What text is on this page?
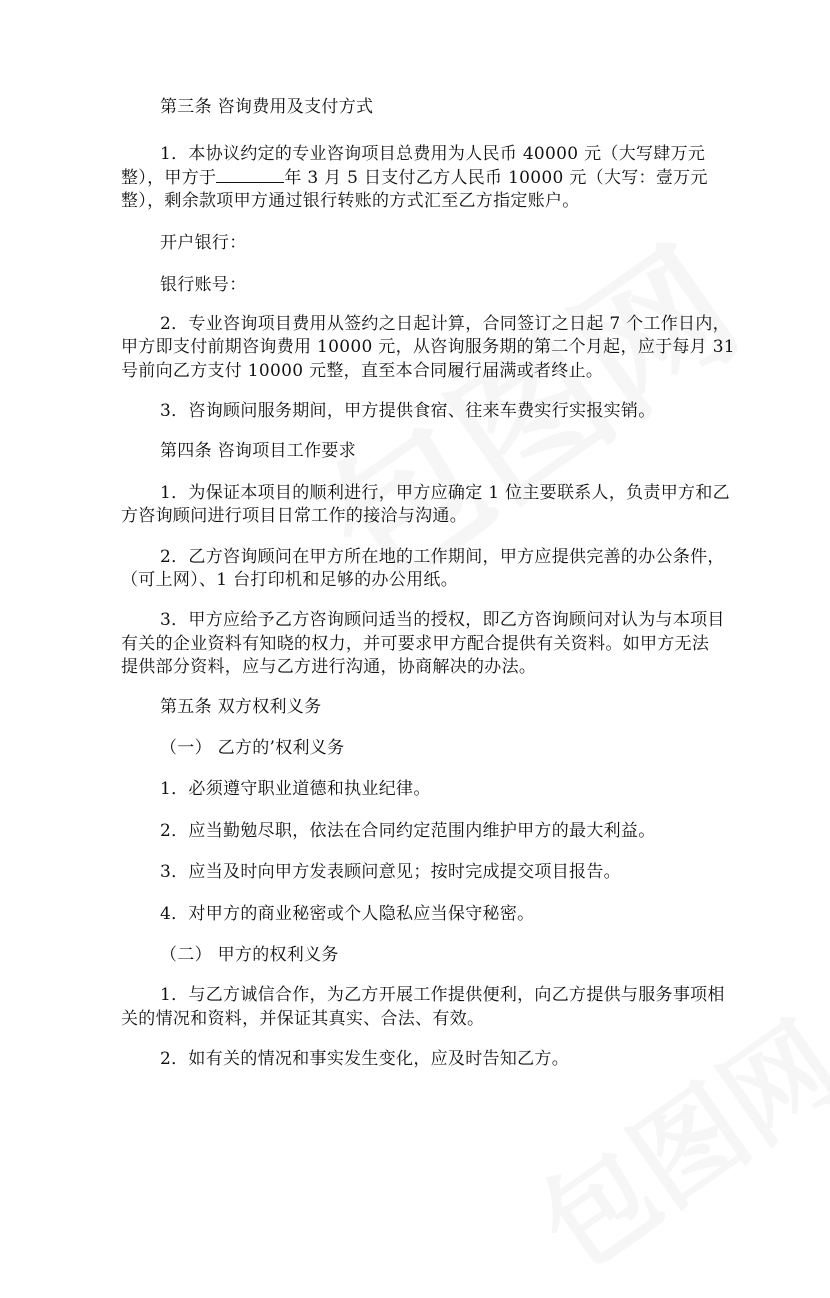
第三条 咨询费用及支付方式
1．本协议约定的专业咨询项目总费用为人民币 40000 元（大写肆万元
整），甲方于	年 3 月 5 日支付乙方人民币 10000 元（大写：壹万元
整），剩余款项甲方通过银行转账的方式汇至乙方指定账户。
开户银行：
银行账号：
2．专业咨询项目费用从签约之日起计算，合同签订之日起 7 个工作日内，
甲方即支付前期咨询费用 10000 元，从咨询服务期的第二个月起，应于每月 31
号前向乙方支付 10000 元整，直至本合同履行届满或者终止。
3．咨询顾问服务期间，甲方提供食宿、往来车费实行实报实销。
第四条 咨询项目工作要求
1．为保证本项目的顺利进行，甲方应确定 1 位主要联系人，负责甲方和乙
方咨询顾问进行项目日常工作的接洽与沟通。
2．乙方咨询顾问在甲方所在地的工作期间，甲方应提供完善的办公条件，
（可上网）、1 台打印机和足够的办公用纸。
3．甲方应给予乙方咨询顾问适当的授权，即乙方咨询顾问对认为与本项目
有关的企业资料有知晓的权力，并可要求甲方配合提供有关资料。如甲方无法
提供部分资料，应与乙方进行沟通，协商解决的办法。
第五条 双方权利义务
（一） 乙方的’权利义务
1．必须遵守职业道德和执业纪律。
2．应当勤勉尽职，依法在合同约定范围内维护甲方的最大利益。
3．应当及时向甲方发表顾问意见；按时完成提交项目报告。
4．对甲方的商业秘密或个人隐私应当保守秘密。
（二） 甲方的权利义务
1．与乙方诚信合作，为乙方开展工作提供便利，向乙方提供与服务事项相
关的情况和资料，并保证其真实、合法、有效。
2．如有关的情况和事实发生变化，应及时告知乙方。
